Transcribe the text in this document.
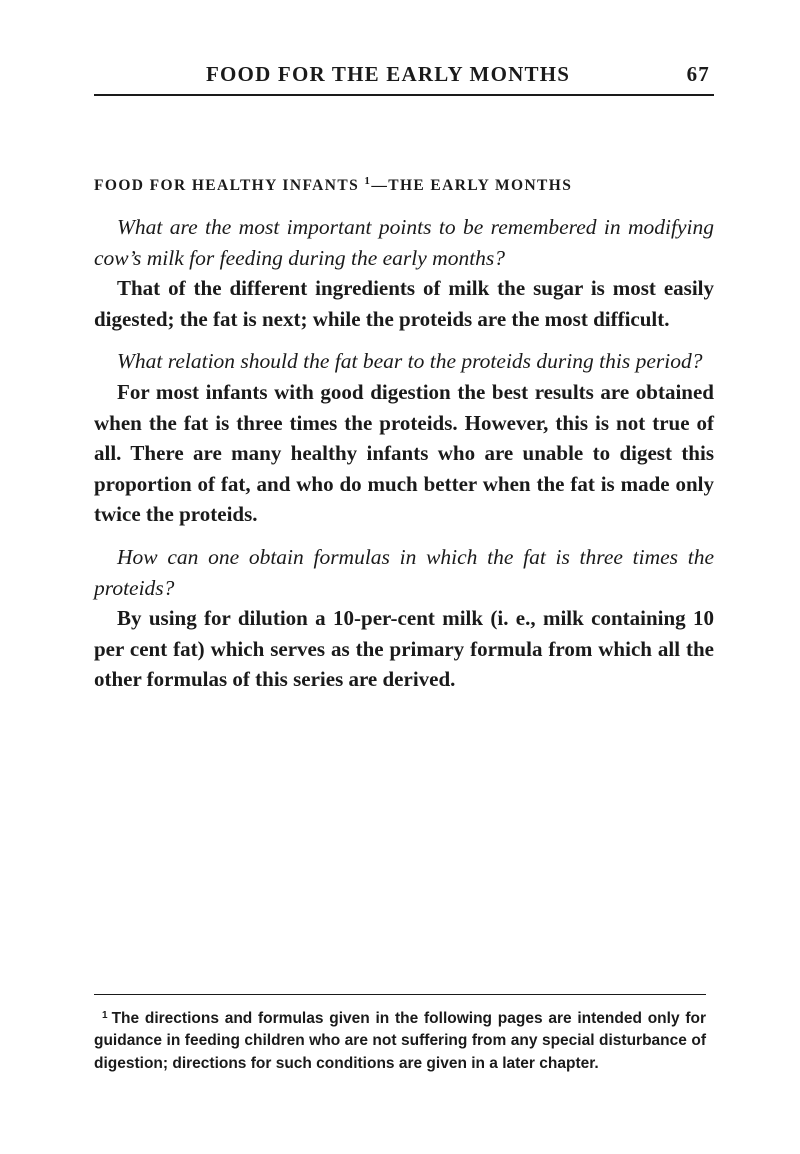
FOOD FOR THE EARLY MONTHS	67
FOOD FOR HEALTHY INFANTS $^1$—THE EARLY MONTHS

What are the most important points to be remembered in modifying cow’s milk for feeding during the early months?

That of the different ingredients of milk the sugar is most easily digested; the fat is next; while the proteids are the most difficult.

What relation should the fat bear to the proteids during this period?

For most infants with good digestion the best results are obtained when the fat is three times the proteids. However, this is not true of all. There are many healthy infants who are unable to digest this proportion of fat, and who do much better when the fat is made only twice the proteids.

How can one obtain formulas in which the fat is three times the proteids?

By using for dilution a 10-per-cent milk (i. e., milk containing 10 per cent fat) which serves as the primary formula from which all the other formulas of this series are derived.

$^1$ The directions and formulas given in the following pages are intended only for guidance in feeding children who are not suffering from any special disturbance of digestion; directions for such conditions are given in a later chapter.
